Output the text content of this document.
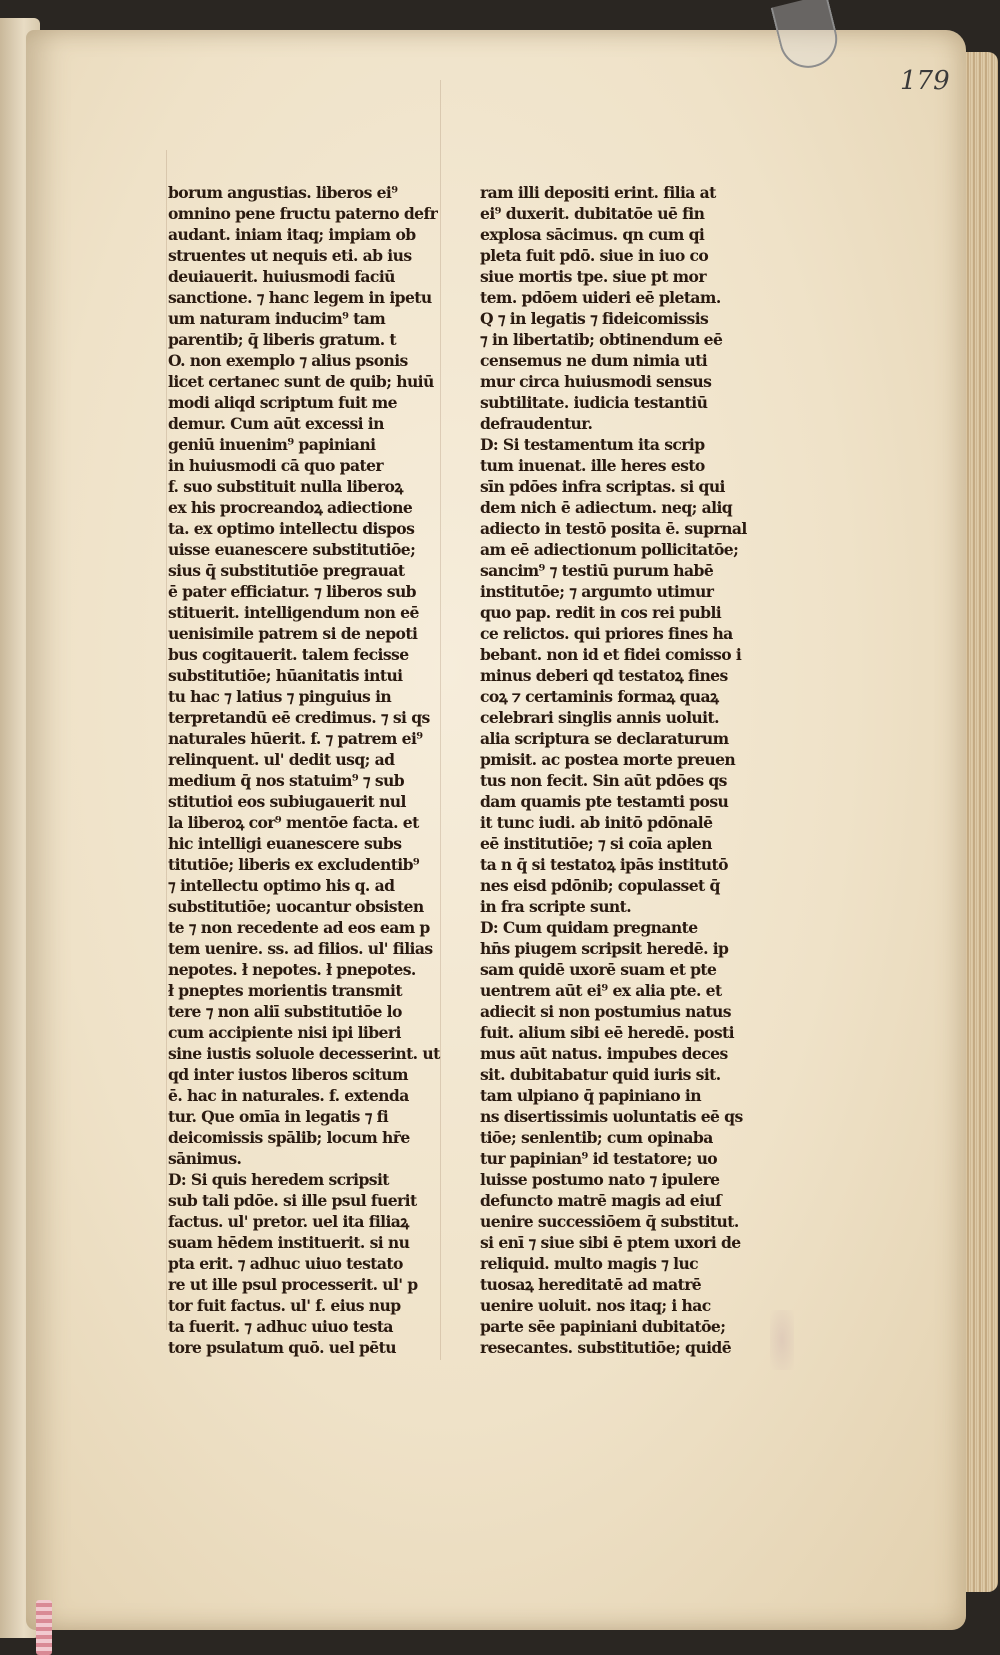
179
borum angustias. liberos ei⁹
omnino pene fructu paterno defr
audant. iniam itaq; impiam ob
struentes ut nequis eti. ab ius
deuiauerit. huiusmodi faciū
sanctione. ⁊ hanc legem in ipetu
um naturam inducim⁹ tam
parentib; q̄ liberis gratum. t
O. non exemplo ⁊ alius psonis
licet certanec sunt de quib; huiū
modi aliqd scriptum fuit me
demur. Cum aūt excessi in
geniū inuenim⁹ papiniani
in huiusmodi cā quo pater
f. suo substituit nulla liberoꝝ
ex his procreandoꝝ adiectione
ta. ex optimo intellectu dispos
uisse euanescere substitutiōe;
sius q̄ substitutiōe pregrauat
ē pater efficiatur. ⁊ liberos sub
stituerit. intelligendum non eē
uenisimile patrem si de nepoti
bus cogitauerit. talem fecisse
substitutiōe; hūanitatis intui
tu hac ⁊ latius ⁊ pinguius in
terpretandū eē credimus. ⁊ si qs
naturales hūerit. f. ⁊ patrem ei⁹
relinquent. ul' dedit usq; ad
medium q̄ nos statuim⁹ ⁊ sub
stitutioi eos subiugauerit nul
la liberoꝝ cor⁹ mentōe facta. et
hic intelligi euanescere subs
titutiōe; liberis ex excludentib⁹
⁊ intellectu optimo his q. ad
substitutiōe; uocantur obsisten
te ⁊ non recedente ad eos eam p
tem uenire. ss. ad filios. ul' filias
nepotes. ł nepotes. ł pnepotes.
ł pneptes morientis transmit
tere ⁊ non aliī substitutiōe lo
cum accipiente nisi ipi liberi
sine iustis soluole decesserint. ut
qd inter iustos liberos scitum
ē. hac in naturales. f. extenda
tur. Que omīa in legatis ⁊ fi
deicomissis spālib; locum hr̄e
sānimus.
D: Si quis heredem scripsit
sub tali pdōe. si ille psul fuerit
factus. ul' pretor. uel ita filiaꝝ
suam hēdem instituerit. si nu
pta erit. ⁊ adhuc uiuo testato
re ut ille psul processerit. ul' p
tor fuit factus. ul' f. eius nup
ta fuerit. ⁊ adhuc uiuo testa
tore psulatum quō. uel pētu
ram illi depositi erint. filia at
ei⁹ duxerit. dubitatōe uē fin
explosa sācimus. qn cum qi
pleta fuit pdō. siue in iuo co
siue mortis tpe. siue pt mor
tem. pdōem uideri eē pletam.
Q ⁊ in legatis ⁊ fideicomissis
⁊ in libertatib; obtinendum eē
censemus ne dum nimia uti
mur circa huiusmodi sensus
subtilitate. iudicia testantiū
defraudentur.
D: Si testamentum ita scrip
tum inuenat. ille heres esto
sīn pdōes infra scriptas. si qui
dem nich ē adiectum. neq; aliq
adiecto in testō posita ē. suprnal
am eē adiectionum pollicitatōe;
sancim⁹ ⁊ testiū purum habē
institutōe; ⁊ argumto utimur
quo pap. redit in cos rei publi
ce relictos. qui priores fines ha
bebant. non id et fidei comisso i
minus deberi qd testatoꝝ fines
coꝝ ⁊ certaminis formaꝝ quaꝝ
celebrari singlis annis uoluit.
alia scriptura se declaraturum
pmisit. ac postea morte preuen
tus non fecit. Sin aūt pdōes qs
dam quamis pte testamti posu
it tunc iudi. ab initō pdōnalē
eē institutiōe; ⁊ si coīa aplen
ta n q̄ si testatoꝝ ipās institutō
nes eisd pdōnib; copulasset q̄
in fra scripte sunt.
D: Cum quidam pregnante
hn̄s piugem scripsit heredē. ip
sam quidē uxorē suam et pte
uentrem aūt ei⁹ ex alia pte. et
adiecit si non postumius natus
fuit. alium sibi eē heredē. posti
mus aūt natus. impubes deces
sit. dubitabatur quid iuris sit.
tam ulpiano q̄ papiniano in
ns disertissimis uoluntatis eē qs
tiōe; senlentib; cum opinaba
tur papinian⁹ id testatore; uo
luisse postumo nato ⁊ ipulere
defuncto matrē magis ad eiuſ
uenire successiōem q̄ substitut.
si enī ⁊ siue sibi ē ptem uxori de
reliquid. multo magis ⁊ luc
tuosaꝝ hereditatē ad matrē
uenire uoluit. nos itaq; i hac
parte sēe papiniani dubitatōe;
resecantes. substitutiōe; quidē
